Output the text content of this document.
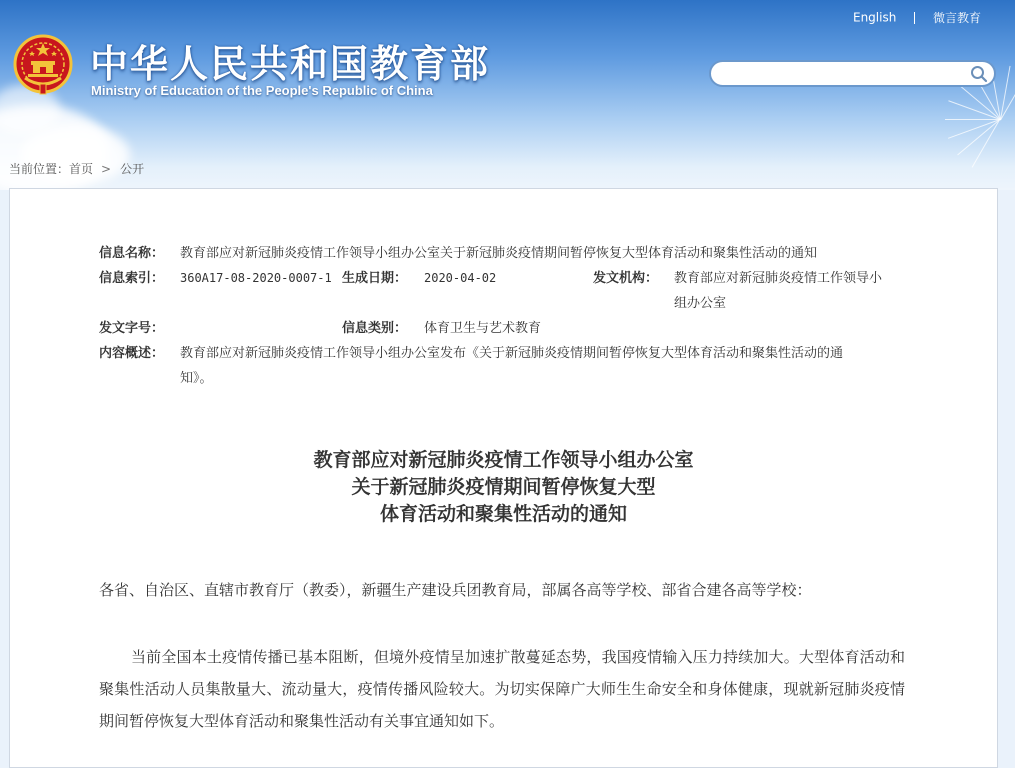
English	微言教育
中华人民共和国教育部
Ministry of Education of the People's Republic of China
当前位置：首页 > 公开
信息名称： 教育部应对新冠肺炎疫情工作领导小组办公室关于新冠肺炎疫情期间暂停恢复大型体育活动和聚集性活动的通知
信息索引： 360A17-08-2020-0007-1 生成日期： 2020-04-02	发文机构： 教育部应对新冠肺炎疫情工作领导小
组办公室
发文字号：	信息类别： 体育卫生与艺术教育
内容概述： 教育部应对新冠肺炎疫情工作领导小组办公室发布《关于新冠肺炎疫情期间暂停恢复大型体育活动和聚集性活动的通
知》。
教育部应对新冠肺炎疫情工作领导小组办公室
关于新冠肺炎疫情期间暂停恢复大型
体育活动和聚集性活动的通知
各省、自治区、直辖市教育厅（教委），新疆生产建设兵团教育局，部属各高等学校、部省合建各高等学校：
当前全国本土疫情传播已基本阻断，但境外疫情呈加速扩散蔓延态势，我国疫情输入压力持续加大。大型体育活动和聚集性活动人员集散量大、流动量大，疫情传播风险较大。为切实保障广大师生生命安全和身体健康，现就新冠肺炎疫情期间暂停恢复大型体育活动和聚集性活动有关事宜通知如下。
